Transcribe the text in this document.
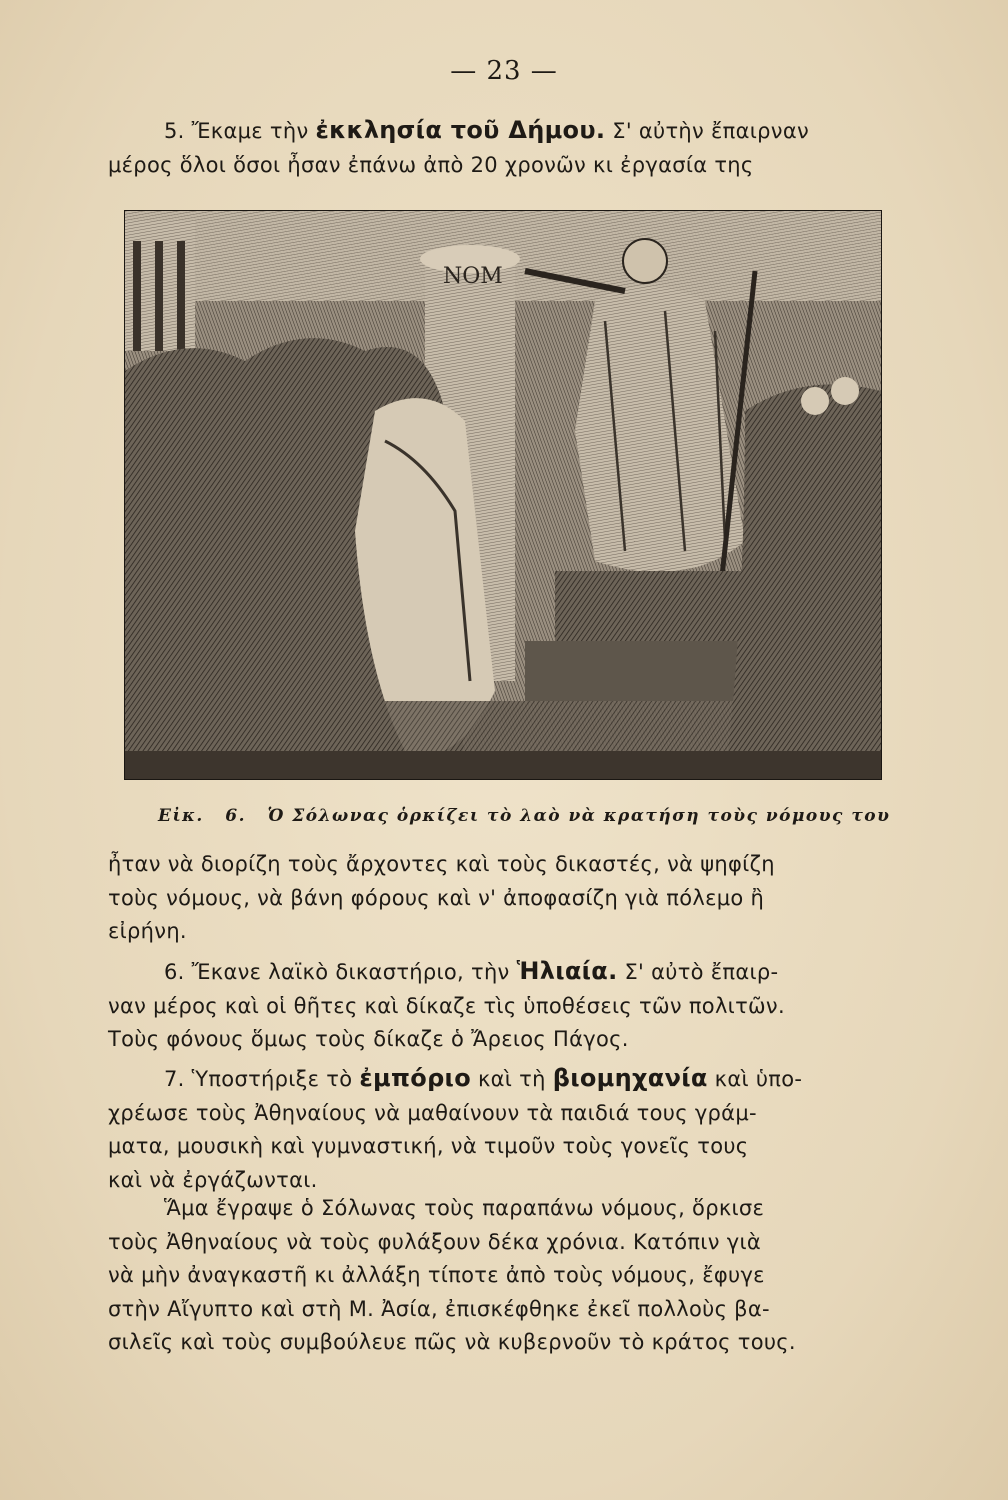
— 23 —
5. Ἔκαμε τὴν ἐκκλησία τοῦ Δήμου. Σ' αὐτὴν ἔπαιρναν
μέρος ὅλοι ὅσοι ἦσαν ἐπάνω ἀπὸ 20 χρονῶν κι ἐργασία της
ΝΟΜ
Εἰκ. 6. Ὁ Σόλωνας ὁρκίζει τὸ λαὸ νὰ κρατήση τοὺς νόμους του
ἦταν νὰ διορίζη τοὺς ἄρχοντες καὶ τοὺς δικαστές, νὰ ψηφίζη
τοὺς νόμους, νὰ βάνη φόρους καὶ ν' ἀποφασίζη γιὰ πόλεμο ἢ
εἰρήνη.
6. Ἔκανε λαϊκὸ δικαστήριο, τὴν Ἡλιαία. Σ' αὐτὸ ἔπαιρ-
ναν μέρος καὶ οἱ θῆτες καὶ δίκαζε τὶς ὑποθέσεις τῶν πολιτῶν.
Τοὺς φόνους ὅμως τοὺς δίκαζε ὁ Ἄρειος Πάγος.
7. Ὑποστήριξε τὸ ἐμπόριο καὶ τὴ βιομηχανία καὶ ὑπο-
χρέωσε τοὺς Ἀθηναίους νὰ μαθαίνουν τὰ παιδιά τους γράμ-
ματα, μουσικὴ καὶ γυμναστική, νὰ τιμοῦν τοὺς γονεῖς τους
καὶ νὰ ἐργάζωνται.
Ἅμα ἔγραψε ὁ Σόλωνας τοὺς παραπάνω νόμους, ὅρκισε
τοὺς Ἀθηναίους νὰ τοὺς φυλάξουν δέκα χρόνια. Κατόπιν γιὰ
νὰ μὴν ἀναγκαστῆ κι ἀλλάξη τίποτε ἀπὸ τοὺς νόμους, ἔφυγε
στὴν Αἴγυπτο καὶ στὴ Μ. Ἀσία, ἐπισκέφθηκε ἐκεῖ πολλοὺς βα-
σιλεῖς καὶ τοὺς συμβούλευε πῶς νὰ κυβερνοῦν τὸ κράτος τους.
